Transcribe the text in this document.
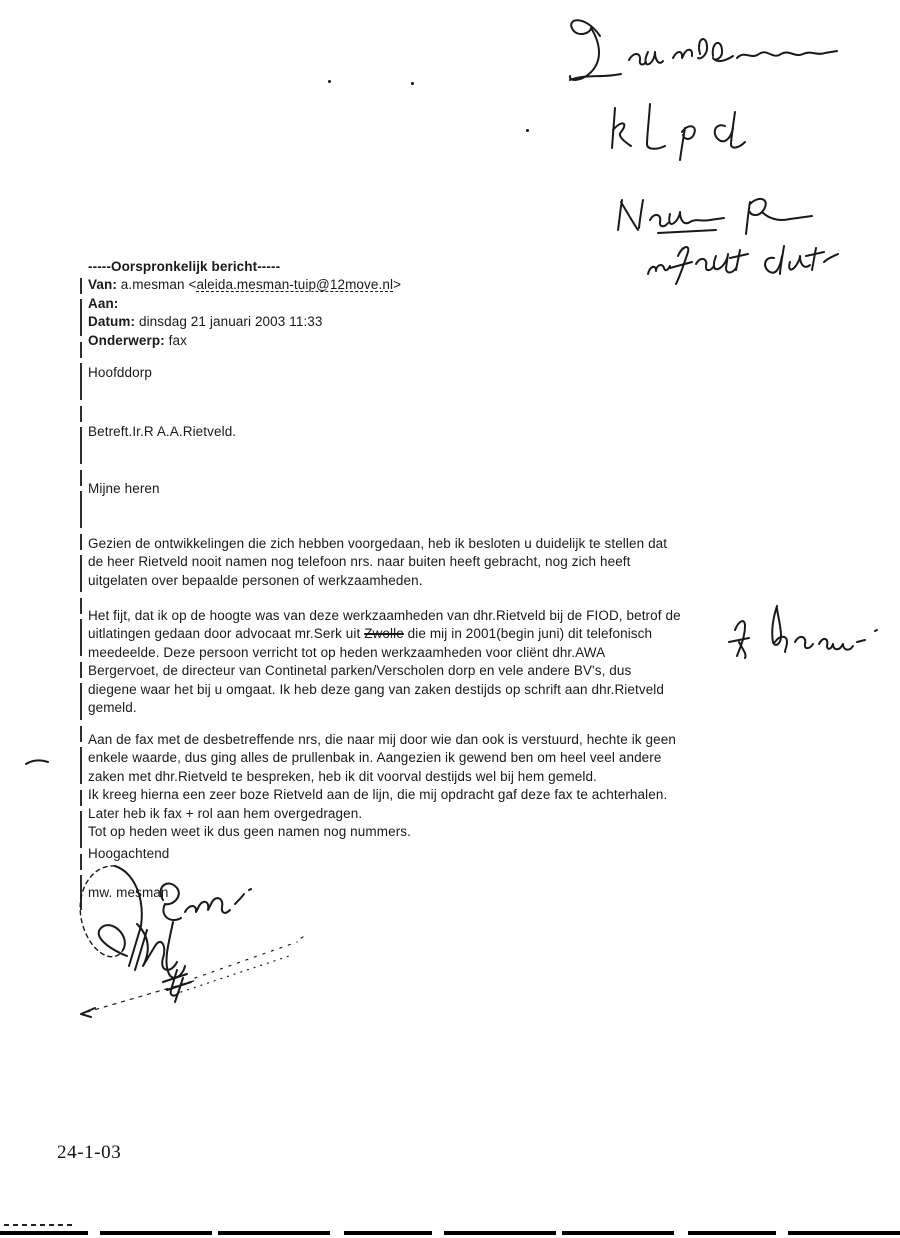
-----Oorspronkelijk bericht-----
Van: a.mesman <aleida.mesman-tuip@12move.nl>
Aan:
Datum: dinsdag 21 januari 2003 11:33
Onderwerp: fax
Hoofddorp
Betreft.Ir.R A.A.Rietveld.
Mijne heren
Gezien de ontwikkelingen die zich hebben voorgedaan, heb ik besloten u duidelijk te stellen dat
de heer Rietveld nooit namen nog telefoon nrs. naar buiten heeft gebracht, nog zich heeft
uitgelaten over bepaalde personen of werkzaamheden.
Het fijt, dat ik op de hoogte was van deze werkzaamheden van dhr.Rietveld bij de FIOD, betrof de
uitlatingen gedaan door advocaat mr.Serk uit Zwolle die mij in 2001(begin juni) dit telefonisch
meedeelde. Deze persoon verricht tot op heden werkzaamheden voor cliënt dhr.AWA
Bergervoet, de directeur van Continetal parken/Verscholen dorp en vele andere BV's, dus
diegene waar het bij u omgaat. Ik heb deze gang van zaken destijds op schrift aan dhr.Rietveld
gemeld.
Aan de fax met de desbetreffende nrs, die naar mij door wie dan ook is verstuurd, hechte ik geen
enkele waarde, dus ging alles de prullenbak in. Aangezien ik gewend ben om heel veel andere
zaken met dhr.Rietveld te bespreken, heb ik dit voorval destijds wel bij hem gemeld.
Ik kreeg hierna een zeer boze Rietveld aan de lijn, die mij opdracht gaf deze fax te achterhalen.
Later heb ik fax + rol aan hem overgedragen.
Tot op heden weet ik dus geen namen nog nummers.
Hoogachtend
mw. mesman
24-1-03
